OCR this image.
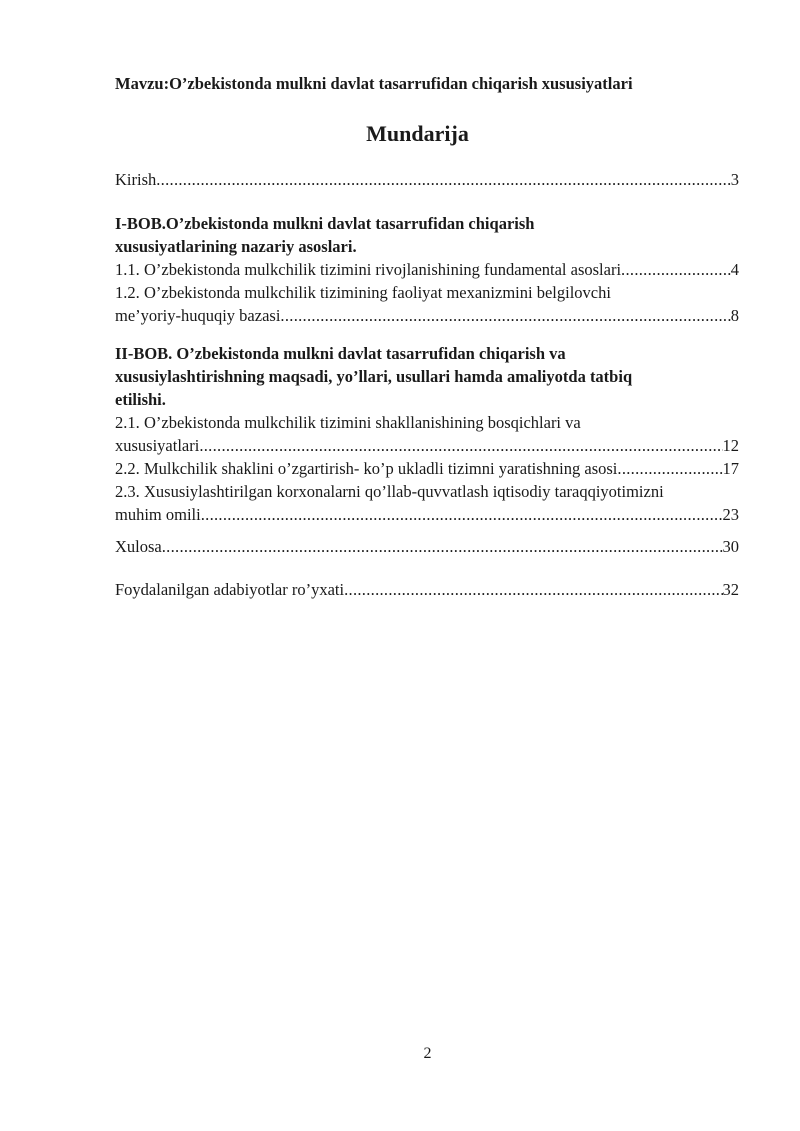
Mavzu:O’zbekistonda mulkni davlat tasarrufidan chiqarish xususiyatlari
Mundarija
Kirish .....	3
I-BOB.O’zbekistonda mulkni davlat tasarrufidan chiqarish
xususiyatlarining nazariy asoslari.
1.1. O’zbekistonda mulkchilik tizimini rivojlanishining fundamental asoslari .....	4
1.2. O’zbekistonda mulkchilik tizimining faoliyat mexanizmini belgilovchi
me’yoriy-huquqiy bazasi .....	8
II-BOB. O’zbekistonda mulkni davlat tasarrufidan chiqarish va
xususiylashtirishning maqsadi, yo’llari, usullari hamda amaliyotda tatbiq
etilishi.
2.1. O’zbekistonda mulkchilik tizimini shakllanishining bosqichlari va
xususiyatlari .....	12
2.2. Mulkchilik shaklini o’zgartirish- ko’p ukladli tizimni yaratishning asosi .....	17
2.3. Xususiylashtirilgan korxonalarni qo’llab-quvvatlash iqtisodiy taraqqiyotimizni
muhim omili .....	23
Xulosa .....	30
Foydalanilgan adabiyotlar ro’yxati .....	32
2
